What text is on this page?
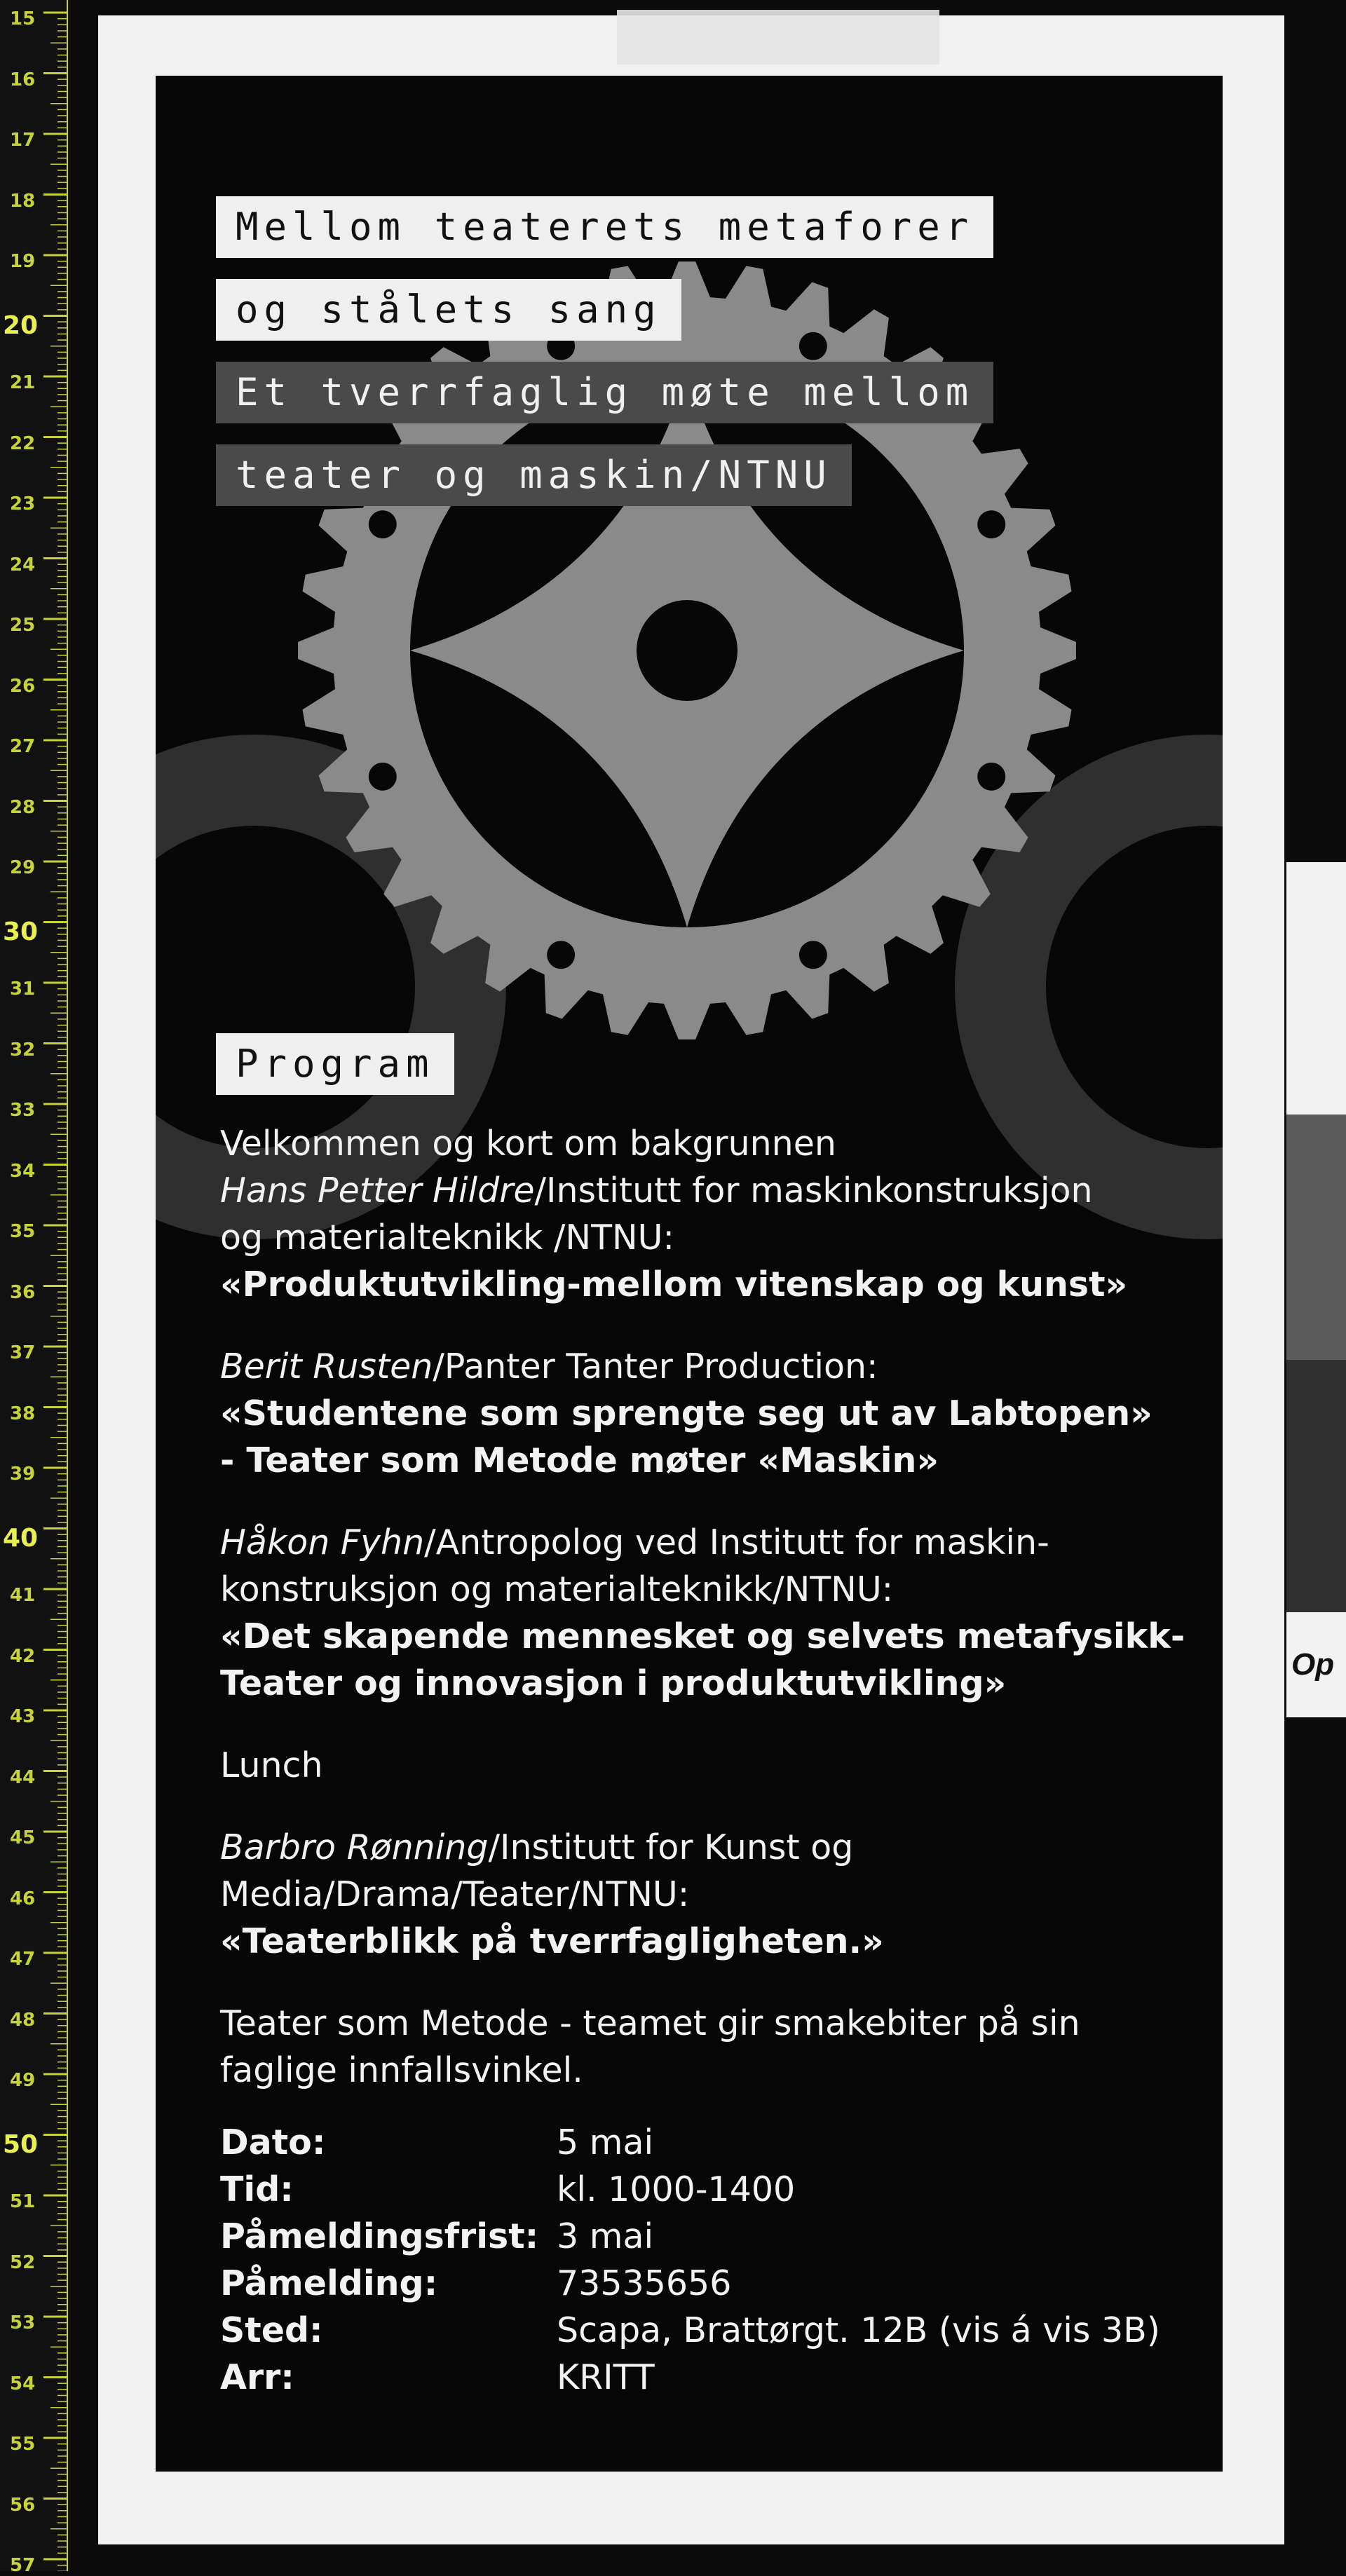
15
16
17
18
19
20
21
22
23
24
25
26
27
28
29
30
31
32
33
34
35
36
37
38
39
40
41
42
43
44
45
46
47
48
49
50
51
52
53
54
55
56
57
Op
Mellom teaterets metaforer
og stålets sang
Et tverrfaglig møte mellom
teater og maskin/NTNU
Program
Velkommen og kort om bakgrunnen
Hans Petter Hildre/Institutt for maskinkonstruksjon
og materialteknikk /NTNU:
«Produktutvikling-mellom vitenskap og kunst»
Berit Rusten/Panter Tanter Production:
«Studentene som sprengte seg ut av Labtopen»
- Teater som Metode møter «Maskin»
Håkon Fyhn/Antropolog ved Institutt for maskin-
konstruksjon og materialteknikk/NTNU:
«Det skapende mennesket og selvets metafysikk-
Teater og innovasjon i produktutvikling»
Lunch
Barbro Rønning/Institutt for Kunst og
Media/Drama/Teater/NTNU:
«Teaterblikk på tverrfagligheten.»
Teater som Metode - teamet gir smakebiter på sin
faglige innfallsvinkel.
Dato:	5 mai
Tid:	kl. 1000-1400
Påmeldingsfrist: 3 mai
Påmelding:	73535656
Sted:	Scapa, Brattørgt. 12B (vis á vis 3B)
Arr:	KRITT
